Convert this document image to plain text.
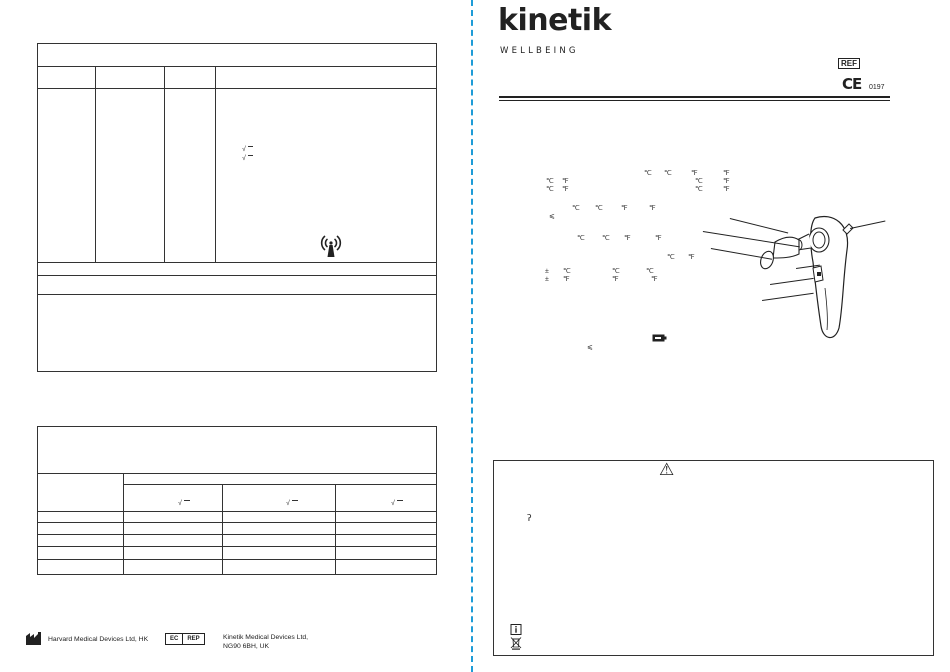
√
√
√	√	√
Harvard Medical Devices Ltd, HK	EC	REP	Kinetik Medical Devices Ltd,
NG90 6BH, UK
kinetik
WELLBEING
REF
CE 0197
℃ ℃	℉	℉
℃ ℉	℃	℉
℃ ℉	℃	℉
℃ ℃	℉	℉
⩽
℃ ℃ ℉	℉
℃ ℉
± ℃	℃	℃
± ℉	℉	℉
⩽
⚠
ʔ
